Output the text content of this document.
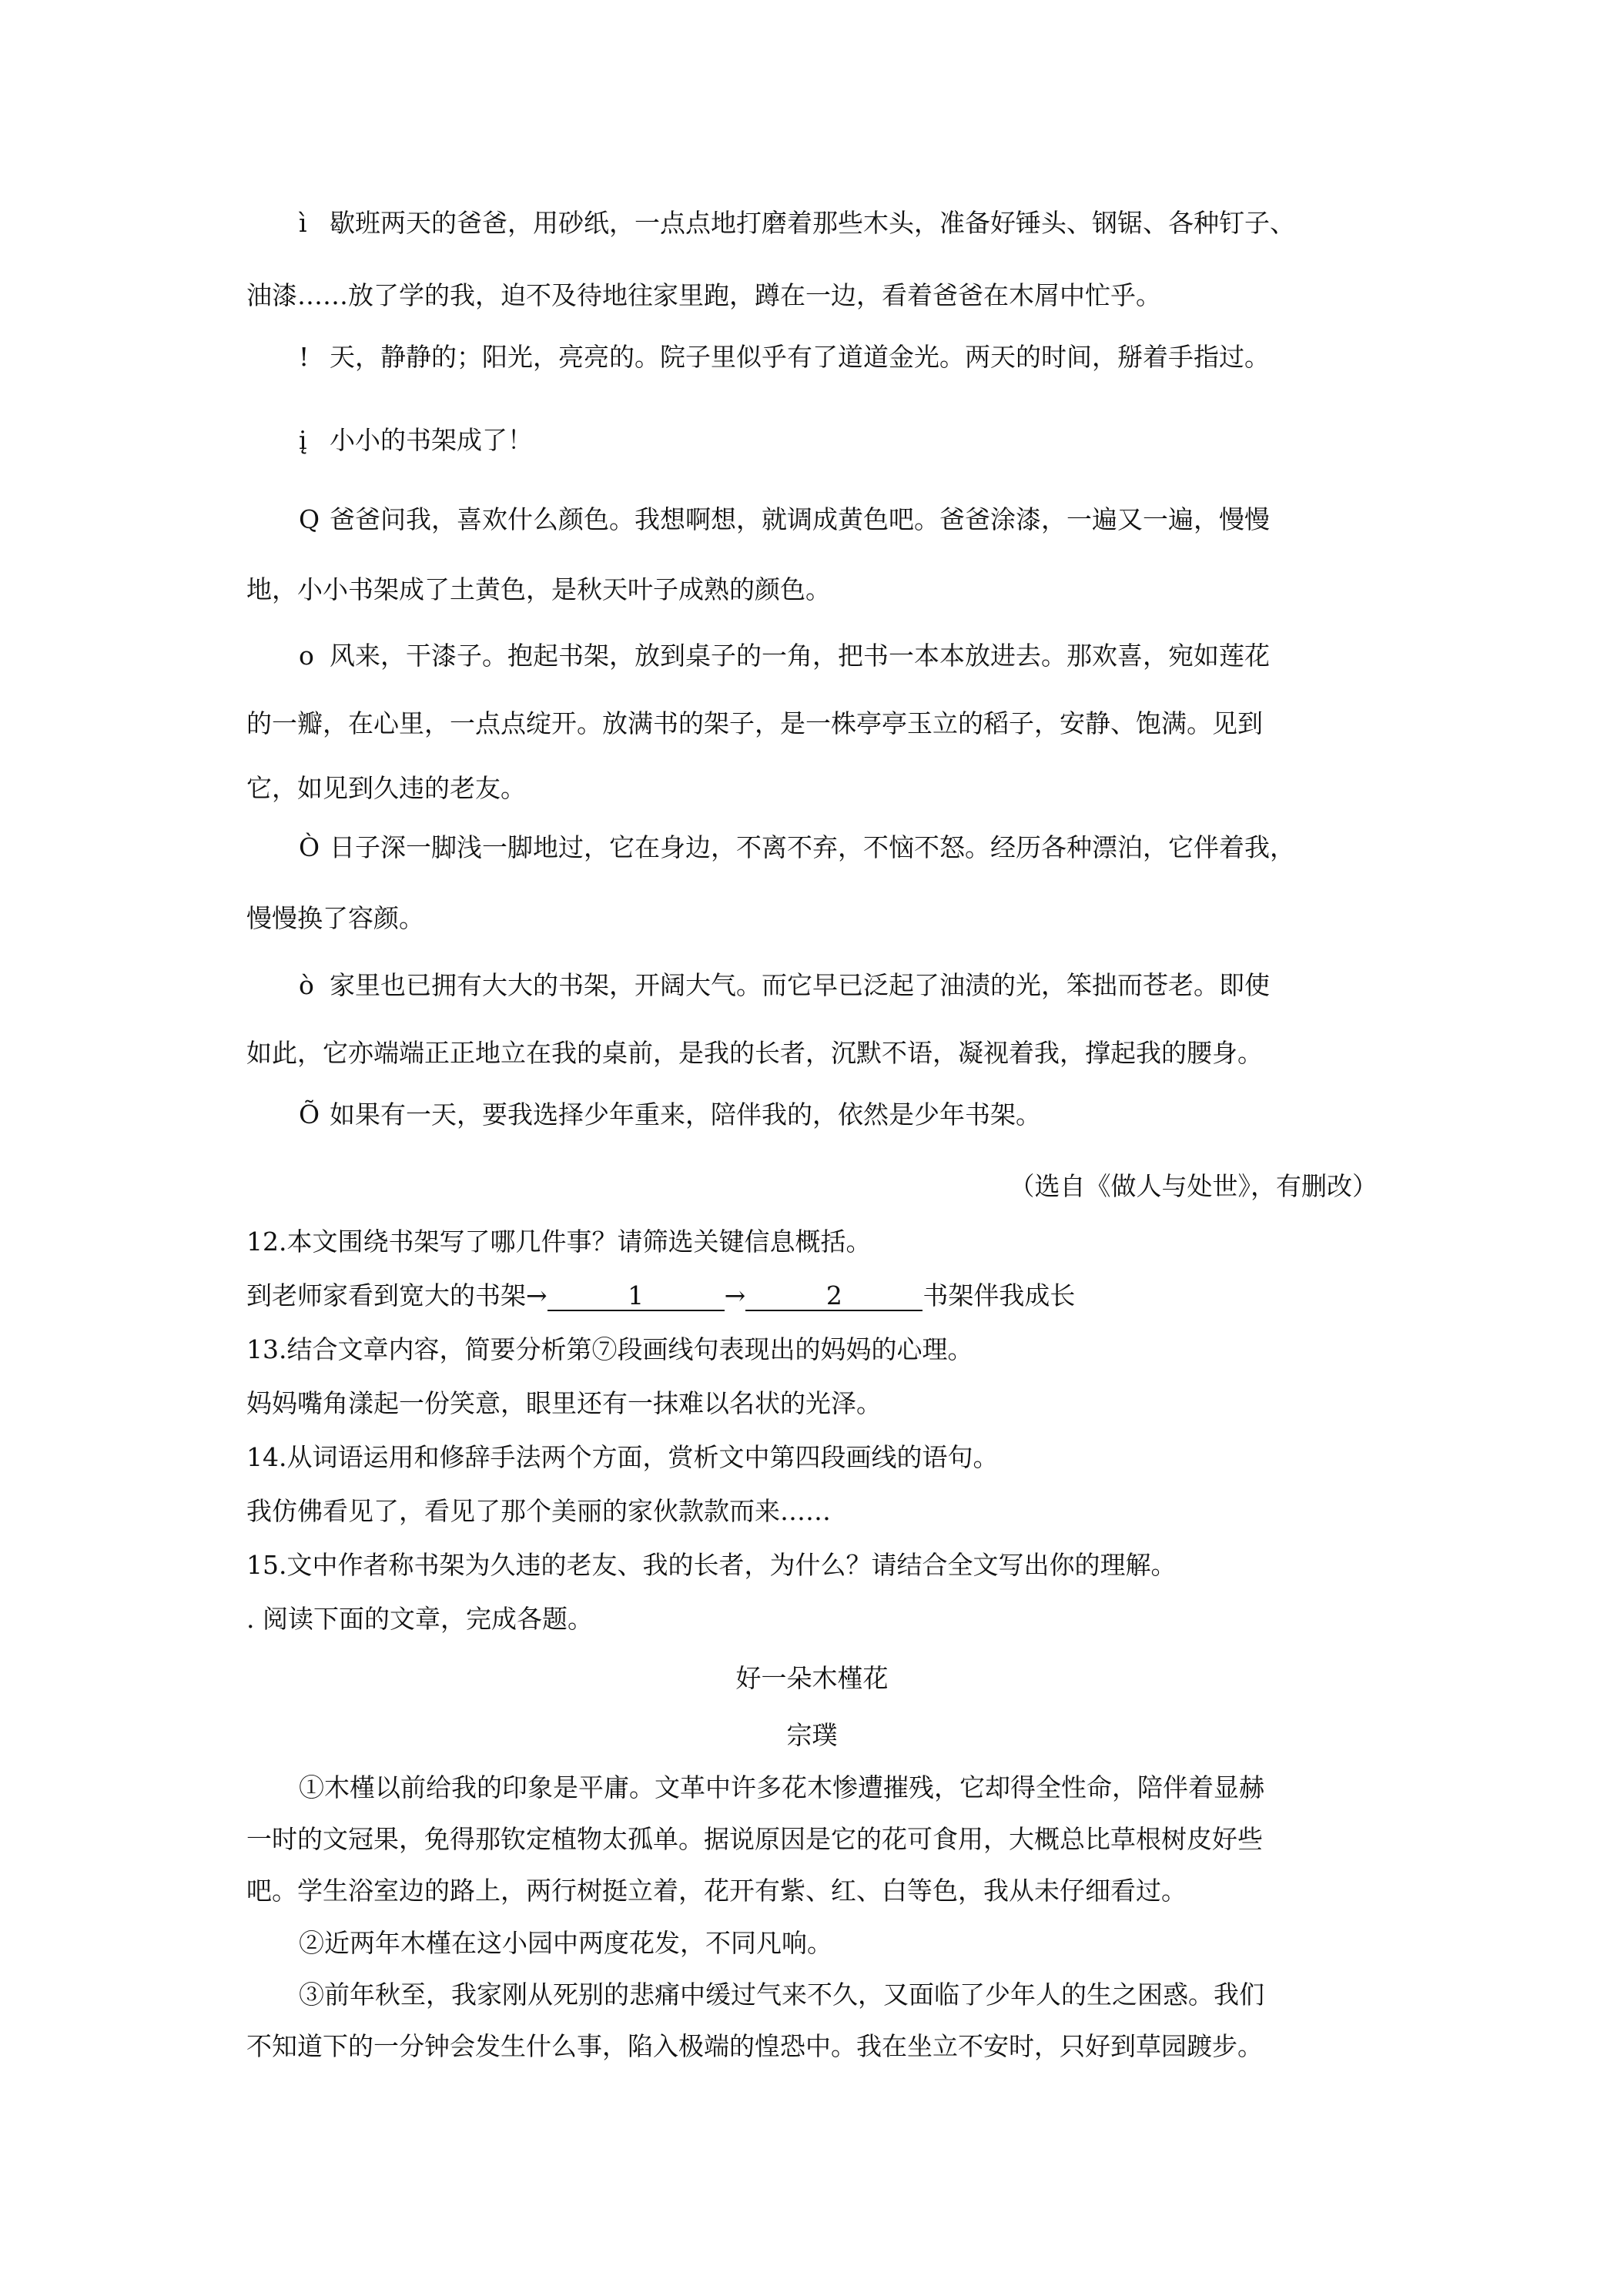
ì 歇班两天的爸爸，用砂纸，一点点地打磨着那些木头，准备好锤头、钢锯、各种钉子、
油漆……放了学的我，迫不及待地往家里跑，蹲在一边，看着爸爸在木屑中忙乎。
! 天，静静的；阳光，亮亮的。院子里似乎有了道道金光。两天的时间，掰着手指过。
į 小小的书架成了！
Q 爸爸问我，喜欢什么颜色。我想啊想，就调成黄色吧。爸爸涂漆，一遍又一遍，慢慢
地，小小书架成了土黄色，是秋天叶子成熟的颜色。
o 风来，干漆子。抱起书架，放到桌子的一角，把书一本本放进去。那欢喜，宛如莲花
的一瓣，在心里，一点点绽开。放满书的架子，是一株亭亭玉立的稻子，安静、饱满。见到
它，如见到久违的老友。
Ò 日子深一脚浅一脚地过，它在身边，不离不弃，不恼不怒。经历各种漂泊，它伴着我，
慢慢换了容颜。
ò 家里也已拥有大大的书架，开阔大气。而它早已泛起了油渍的光，笨拙而苍老。即使
如此，它亦端端正正地立在我的桌前，是我的长者，沉默不语，凝视着我，撑起我的腰身。
Õ 如果有一天，要我选择少年重来，陪伴我的，依然是少年书架。
（选自《做人与处世》，有删改）
12.本文围绕书架写了哪几件事？请筛选关键信息概括。
到老师家看到宽大的书架→	1	→	2	书架伴我成长
13.结合文章内容，简要分析第⑦段画线句表现出的妈妈的心理。
妈妈嘴角漾起一份笑意，眼里还有一抹难以名状的光泽。
14.从词语运用和修辞手法两个方面，赏析文中第四段画线的语句。
我仿佛看见了，看见了那个美丽的家伙款款而来……
15.文中作者称书架为久违的老友、我的长者，为什么？请结合全文写出你的理解。
. 阅读下面的文章，完成各题。
好一朵木槿花
宗璞
①木槿以前给我的印象是平庸。文革中许多花木惨遭摧残，它却得全性命，陪伴着显赫
一时的文冠果，免得那钦定植物太孤单。据说原因是它的花可食用，大概总比草根树皮好些
吧。学生浴室边的路上，两行树挺立着，花开有紫、红、白等色，我从未仔细看过。
②近两年木槿在这小园中两度花发，不同凡响。
③前年秋至，我家刚从死别的悲痛中缓过气来不久，又面临了少年人的生之困惑。我们
不知道下的一分钟会发生什么事，陷入极端的惶恐中。我在坐立不安时，只好到草园踱步。
